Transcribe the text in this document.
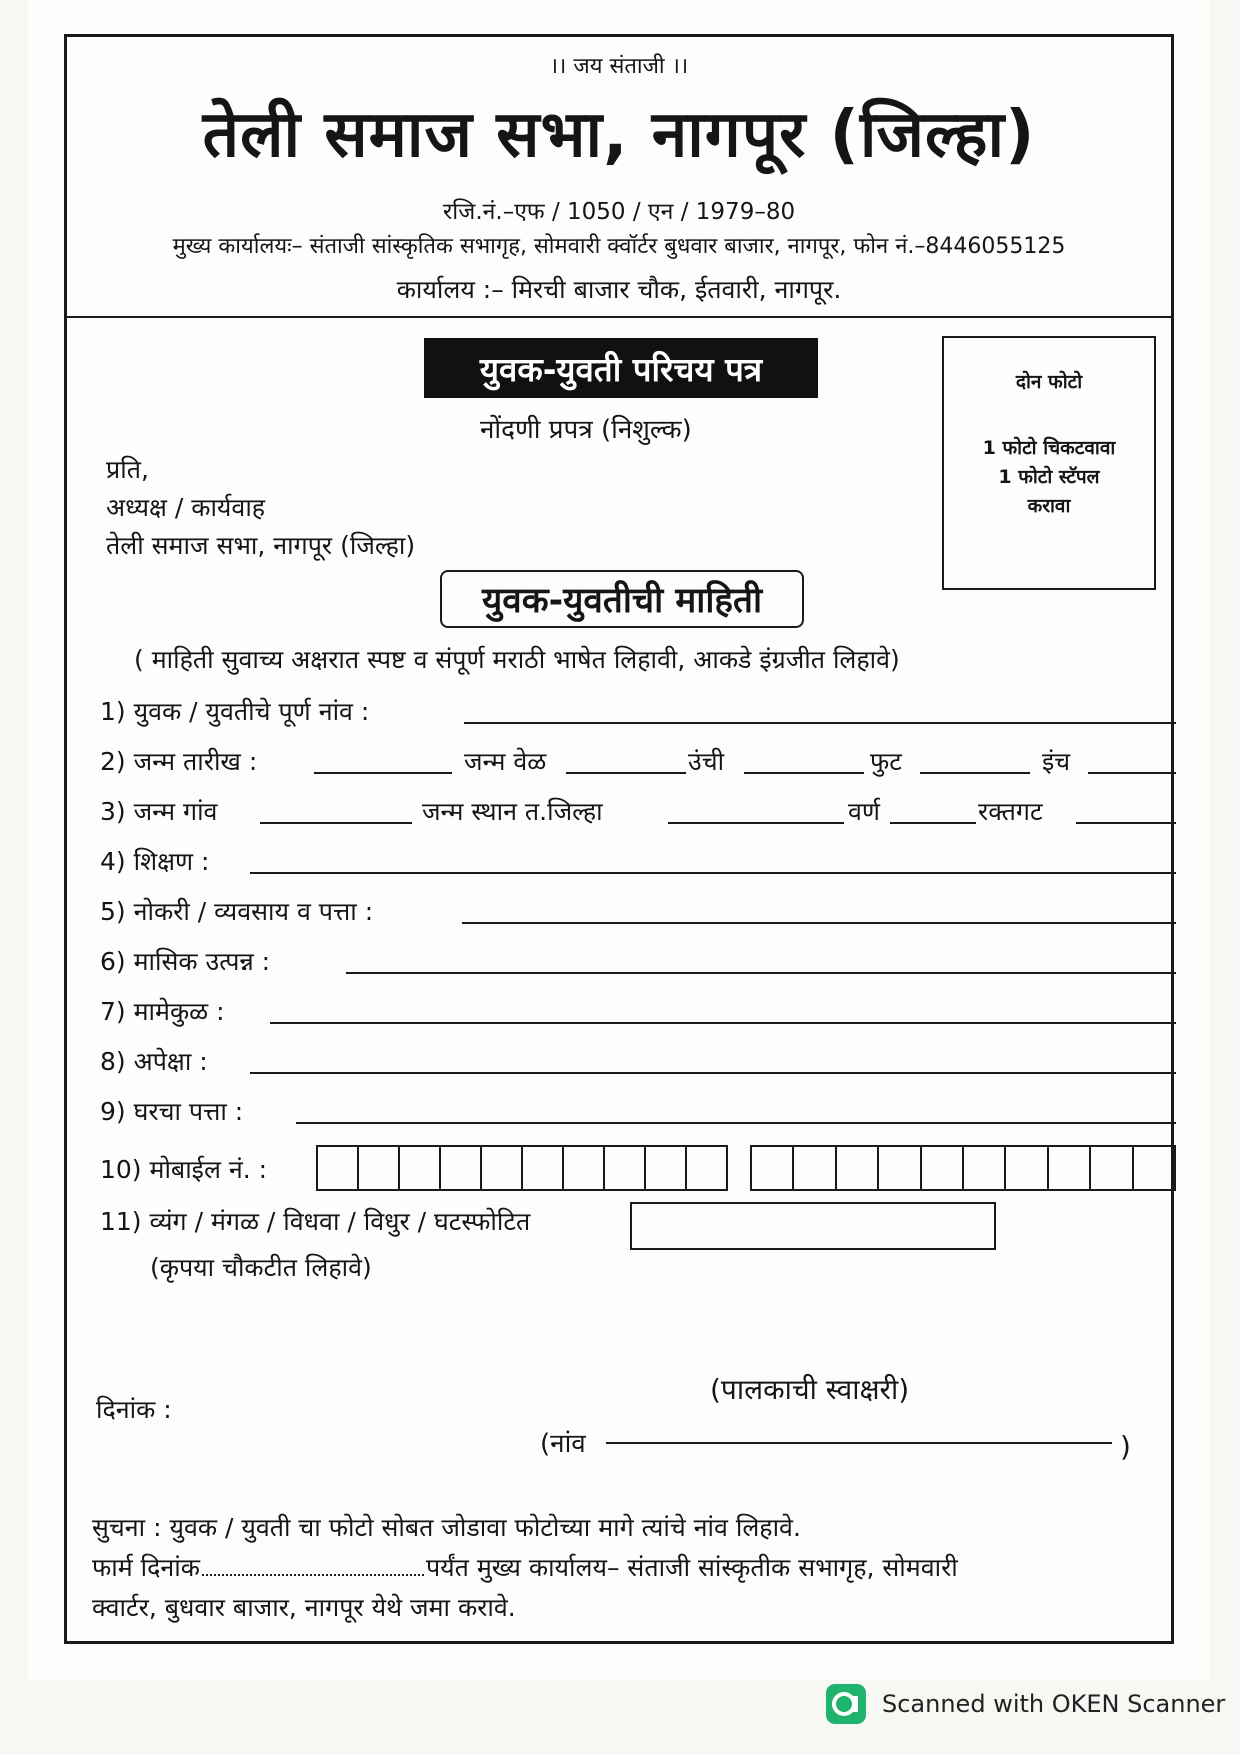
।। जय संताजी ।।
तेली समाज सभा, नागपूर (जिल्हा)
रजि.नं.–एफ / 1050 / एन / 1979–80
मुख्य कार्यालयः– संताजी सांस्कृतिक सभागृह, सोमवारी क्वॉर्टर बुधवार बाजार, नागपूर, फोन नं.–8446055125
कार्यालय :– मिरची बाजार चौक, ईतवारी, नागपूर.
युवक-युवती परिचय पत्र
नोंदणी प्रपत्र (निशुल्क)
दोन फोटो
1 फोटो चिकटवावा
1 फोटो स्टॅपल
करावा
प्रति,
अध्यक्ष / कार्यवाह
तेली समाज सभा, नागपूर (जिल्हा)
युवक-युवतीची माहिती
( माहिती सुवाच्य अक्षरात स्पष्ट व संपूर्ण मराठी भाषेत लिहावी, आकडे इंग्रजीत लिहावे)
1) युवक / युवतीचे पूर्ण नांव :
2) जन्म तारीख :	जन्म वेळ	उंची	फुट	इंच
3) जन्म गांव	जन्म स्थान त.जिल्हा	वर्ण	रक्तगट
4) शिक्षण :
5) नोकरी / व्यवसाय व पत्ता :
6) मासिक उत्पन्न :
7) मामेकुळ :
8) अपेक्षा :
9) घरचा पत्ता :
10) मोबाईल नं. :
11) व्यंग / मंगळ / विधवा / विधुर / घटस्फोटित
(कृपया चौकटीत लिहावे)
(पालकाची स्वाक्षरी)
दिनांक :
(नांव	)
सुचना : युवक / युवती चा फोटो सोबत जोडावा फोटोच्या मागे त्यांचे नांव लिहावे.
फार्म दिनांक	पर्यंत मुख्य कार्यालय– संताजी सांस्कृतीक सभागृह, सोमवारी
क्वार्टर, बुधवार बाजार, नागपूर येथे जमा करावे.
Scanned with OKEN Scanner
